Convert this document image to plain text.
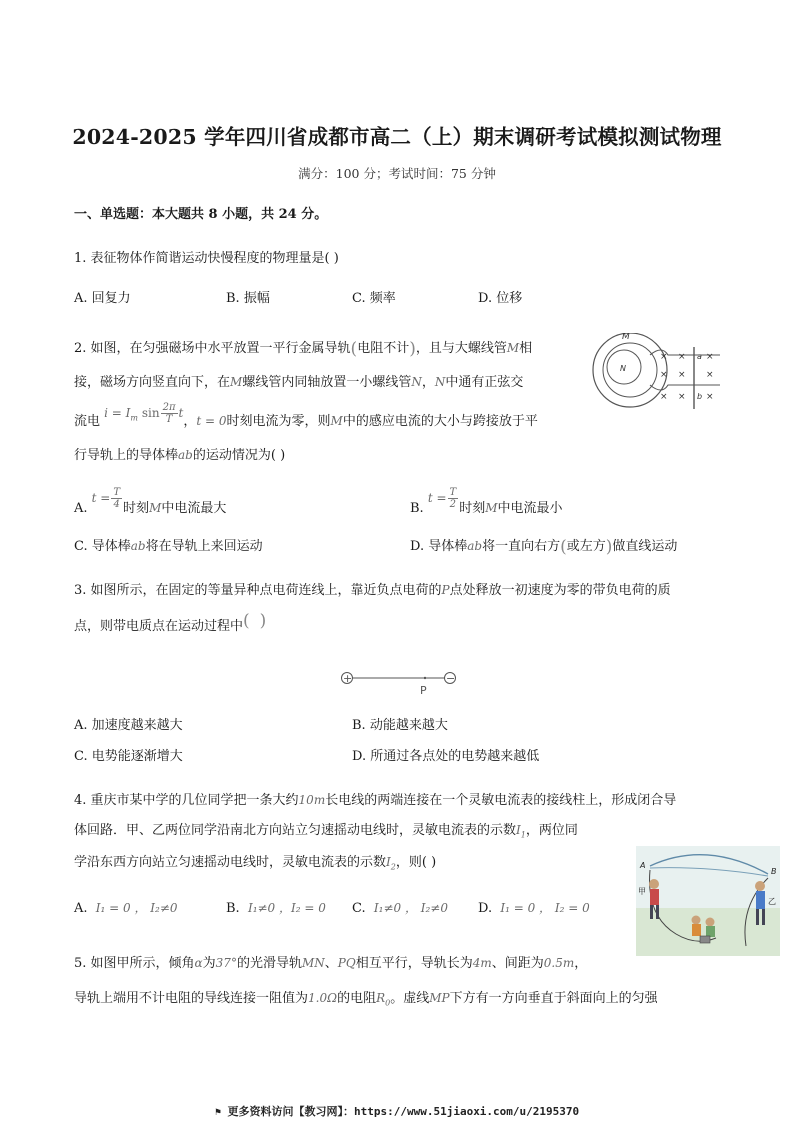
2024-2025 学年四川省成都市高二（上）期末调研考试模拟测试物理
满分：100 分；考试时间：75 分钟
一、单选题：本大题共 8 小题，共 24 分。
1. 表征物体作简谐运动快慢程度的物理量是( )
A. 回复力	B. 振幅	C. 频率	D. 位移
2. 如图，在匀强磁场中水平放置一平行金属导轨(电阻不计)，且与大螺线管M相
接，磁场方向竖直向下，在M螺线管内同轴放置一小螺线管N，N中通有正弦交
流电 $i = I_m$ $\sin \frac{2\pi}{T}$ t，t = 0时刻电流为零，则M中的感应电流的大小与跨接放于平
行导轨上的导体棒ab的运动情况为( )
M
N
× × ×
× × ×
× × ×
a
b
A. $t = \frac{T}{4}$ 时刻M中电流最大	B. $t = \frac{T}{2}$ 时刻M中电流最小
C. 导体棒ab将在导轨上来回运动	D. 导体棒ab将一直向右方(或左方)做直线运动
3. 如图所示，在固定的等量异种点电荷连线上，靠近负点电荷的P点处释放一初速度为零的带负电荷的质
点，则带电质点在运动过程中()
+	−
P
A. 加速度越来越大	B. 动能越来越大
C. 电势能逐渐增大	D. 所通过各点处的电势越来越低
4. 重庆市某中学的几位同学把一条大约10m长电线的两端连接在一个灵敏电流表的接线柱上，形成闭合导
体回路．甲、乙两位同学沿南北方向站立匀速摇动电线时，灵敏电流表的示数$I_1$，两位同
学沿东西方向站立匀速摇动电线时，灵敏电流表的示数$I_2$，则( )
A. I₁ = 0 ， I₂≠0	B. I₁≠0 ，I₂ = 0 C. I₁≠0 ， I₂≠0 D. I₁ = 0 ， I₂ = 0
A
B
甲
乙
5. 如图甲所示，倾角α为37°的光滑导轨MN、PQ相互平行，导轨长为4m、间距为0.5m，
导轨上端用不计电阻的导线连接一阻值为1.0Ω的电阻$R_0$。虚线MP下方有一方向垂直于斜面向上的匀强
⚑ 更多资料访问【教习网】：https://www.51jiaoxi.com/u/2195370
